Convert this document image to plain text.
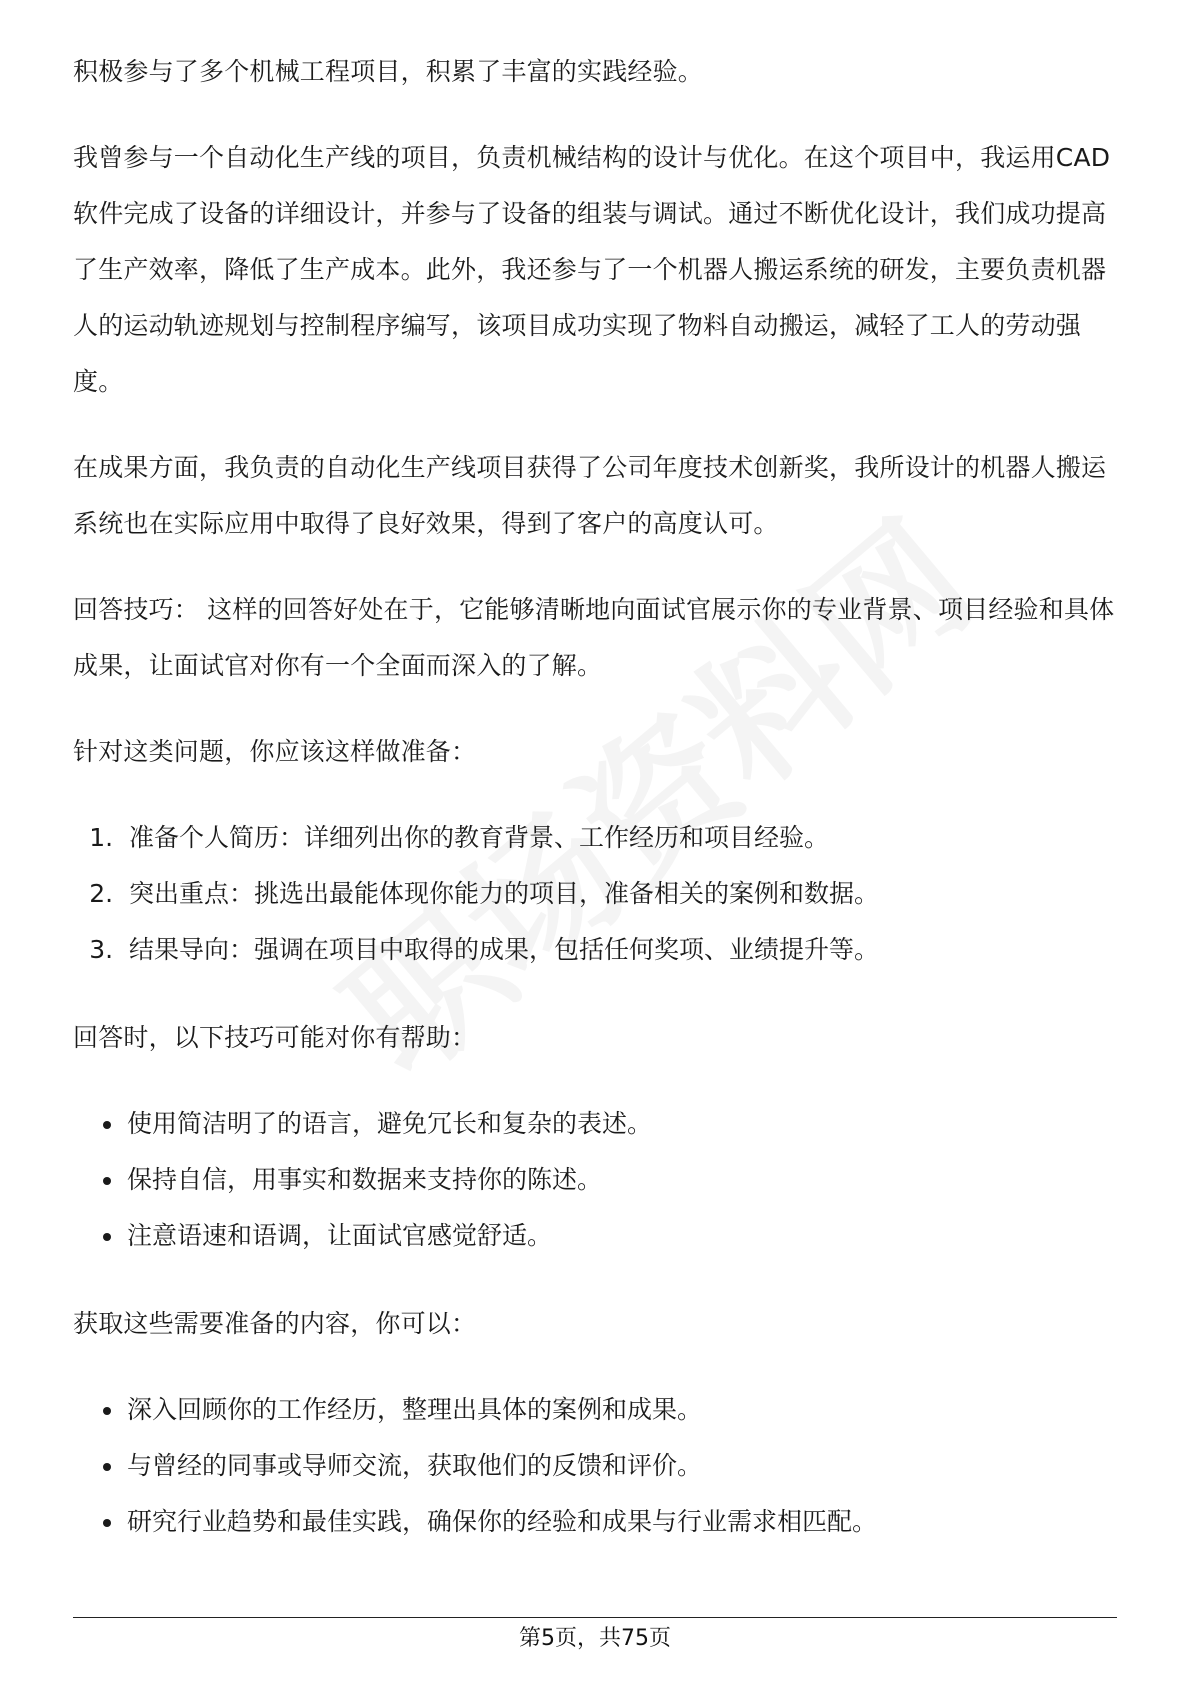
积极参与了多个机械工程项目，积累了丰富的实践经验。

我曾参与一个自动化生产线的项目，负责机械结构的设计与优化。在这个项目中，我运用CAD软件完成了设备的详细设计，并参与了设备的组装与调试。通过不断优化设计，我们成功提高了生产效率，降低了生产成本。此外，我还参与了一个机器人搬运系统的研发，主要负责机器人的运动轨迹规划与控制程序编写，该项目成功实现了物料自动搬运，减轻了工人的劳动强度。

在成果方面，我负责的自动化生产线项目获得了公司年度技术创新奖，我所设计的机器人搬运系统也在实际应用中取得了良好效果，得到了客户的高度认可。

回答技巧： 这样的回答好处在于，它能够清晰地向面试官展示你的专业背景、项目经验和具体成果，让面试官对你有一个全面而深入的了解。

针对这类问题，你应该这样做准备：

1. 准备个人简历：详细列出你的教育背景、工作经历和项目经验。
2. 突出重点：挑选出最能体现你能力的项目，准备相关的案例和数据。
3. 结果导向：强调在项目中取得的成果，包括任何奖项、业绩提升等。

回答时，以下技巧可能对你有帮助：

• 使用简洁明了的语言，避免冗长和复杂的表述。
• 保持自信，用事实和数据来支持你的陈述。
• 注意语速和语调，让面试官感觉舒适。

获取这些需要准备的内容，你可以：

• 深入回顾你的工作经历，整理出具体的案例和成果。
• 与曾经的同事或导师交流，获取他们的反馈和评价。
• 研究行业趋势和最佳实践，确保你的经验和成果与行业需求相匹配。
第5页，共75页
